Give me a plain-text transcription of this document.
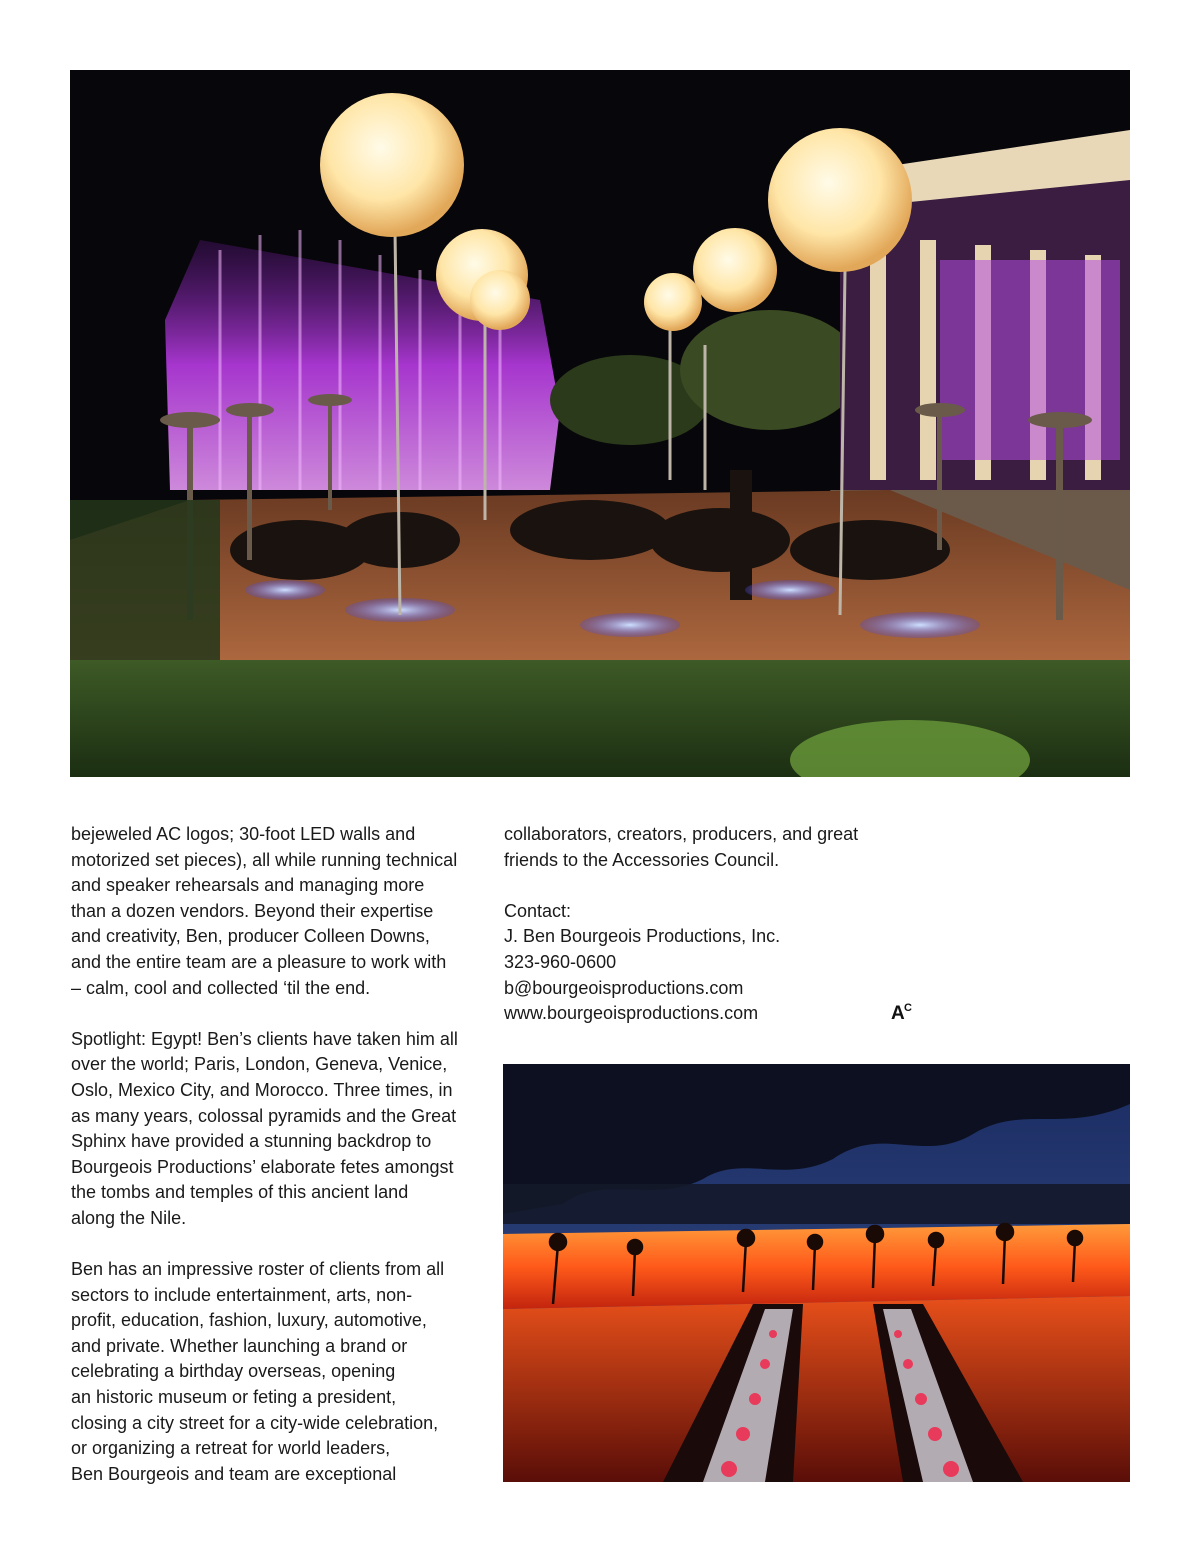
bejeweled AC logos; 30-foot LED walls and
motorized set pieces), all while running technical
and speaker rehearsals and managing more
than a dozen vendors. Beyond their expertise
and creativity, Ben, producer Colleen Downs,
and the entire team are a pleasure to work with
– calm, cool and collected ‘til the end.

Spotlight: Egypt! Ben’s clients have taken him all
over the world; Paris, London, Geneva, Venice,
Oslo, Mexico City, and Morocco. Three times, in
as many years, colossal pyramids and the Great
Sphinx have provided a stunning backdrop to
Bourgeois Productions’ elaborate fetes amongst
the tombs and temples of this ancient land
along the Nile.

Ben has an impressive roster of clients from all
sectors to include entertainment, arts, non-
profit, education, fashion, luxury, automotive,
and private. Whether launching a brand or
celebrating a birthday overseas, opening
an historic museum or feting a president,
closing a city street for a city-wide celebration,
or organizing a retreat for world leaders,
Ben Bourgeois and team are exceptional

collaborators, creators, producers, and great
friends to the Accessories Council.

Contact:
J. Ben Bourgeois Productions, Inc.
323-960-0600
b@bourgeoisproductions.com
www.bourgeoisproductions.com	A C
